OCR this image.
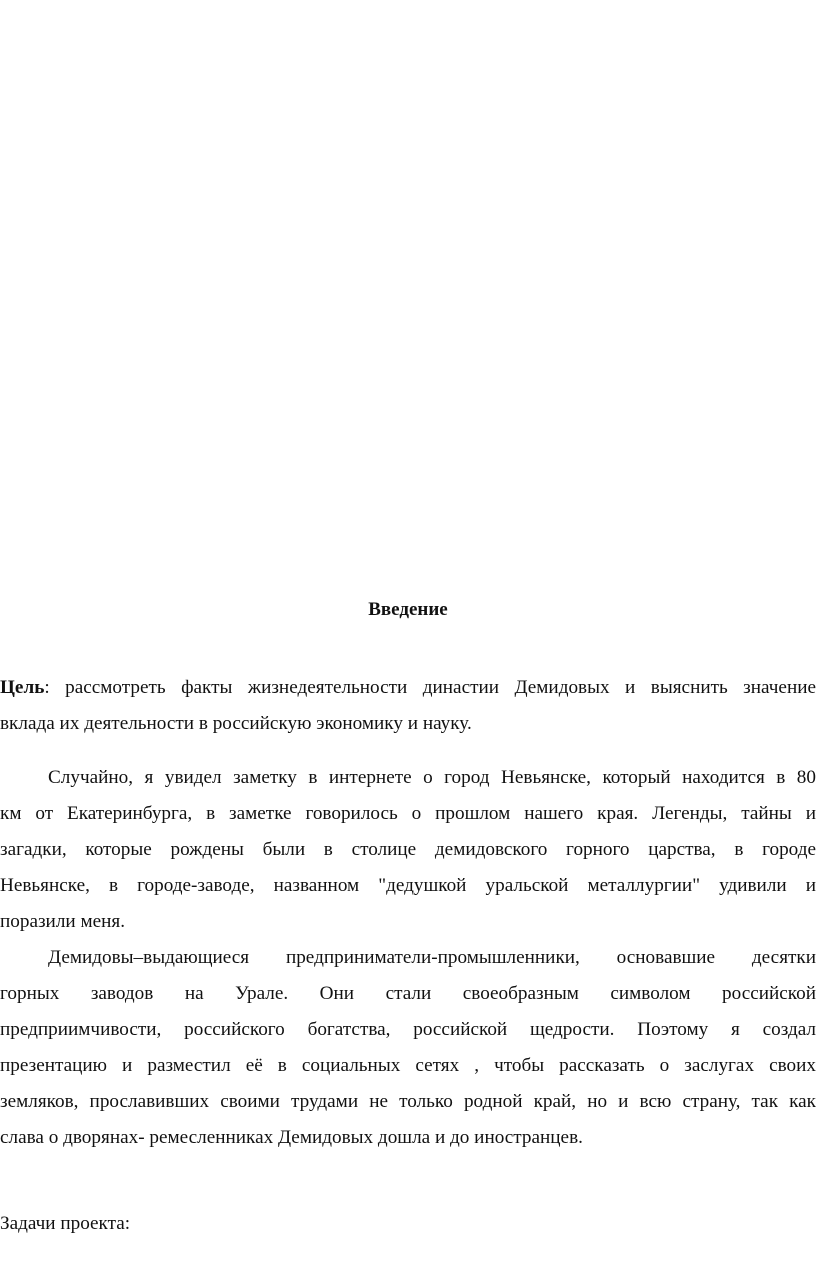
Введение
Цель: рассмотреть факты жизнедеятельности династии Демидовых и выяснить значение
вклада их деятельности в российскую экономику и науку.
Случайно, я увидел заметку в интернете о город Невьянске, который находится в 80
км от Екатеринбурга, в заметке говорилось о прошлом нашего края. Легенды, тайны и
загадки, которые рождены были в столице демидовского горного царства, в городе
Невьянске, в городе-заводе, названном "дедушкой уральской металлургии" удивили и
поразили меня.
Демидовы–выдающиеся предприниматели-промышленники, основавшие десятки
горных заводов на Урале. Они стали своеобразным символом российской
предприимчивости, российского богатства, российской щедрости. Поэтому я создал
презентацию и разместил её в социальных сетях , чтобы рассказать о заслугах своих
земляков, прославивших своими трудами не только родной край, но и всю страну, так как
слава о дворянах- ремесленниках Демидовых дошла и до иностранцев.
Задачи проекта:
